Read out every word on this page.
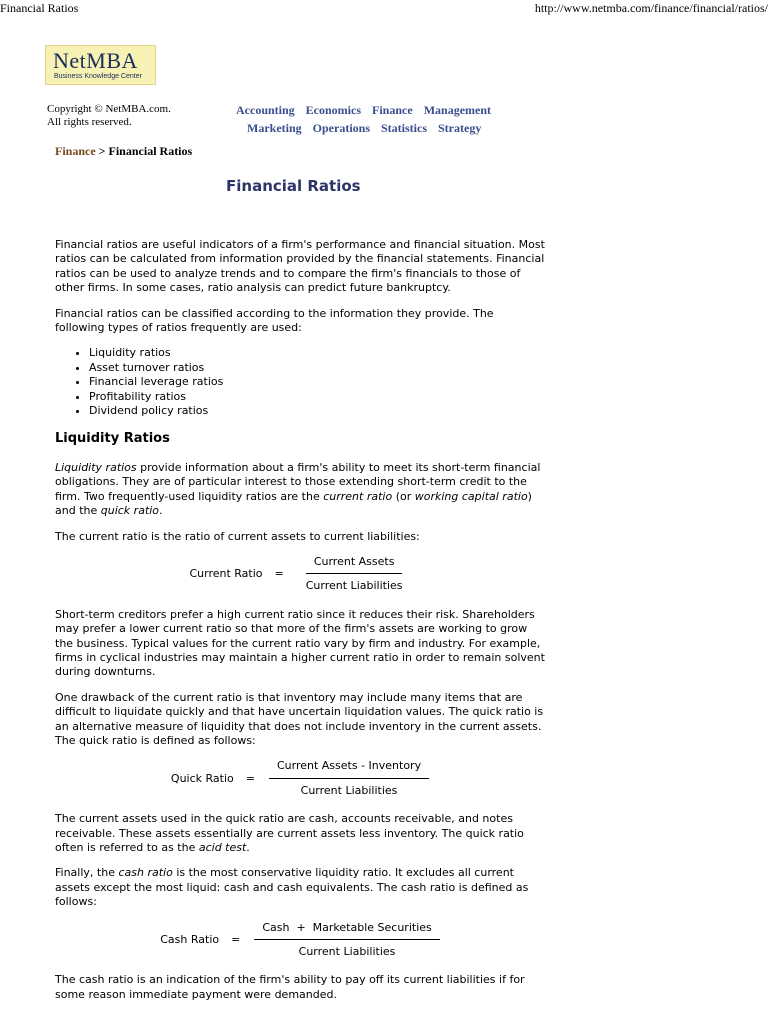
Financial Ratios	http://www.netmba.com/finance/financial/ratios/
NetMBA
Business Knowledge Center
Copyright © NetMBA.com.
All rights reserved.
Accounting Economics Finance Management
Marketing Operations Statistics Strategy
Finance > Financial Ratios
Financial Ratios

Financial ratios are useful indicators of a firm's performance and financial situation. Most ratios can be calculated from information provided by the financial statements. Financial ratios can be used to analyze trends and to compare the firm's financials to those of other firms. In some cases, ratio analysis can predict future bankruptcy.

Financial ratios can be classified according to the information they provide. The following types of ratios frequently are used:

• Liquidity ratios
• Asset turnover ratios
• Financial leverage ratios
• Profitability ratios
• Dividend policy ratios
Liquidity Ratios

Liquidity ratios provide information about a firm's ability to meet its short-term financial obligations. They are of particular interest to those extending short-term credit to the firm. Two frequently-used liquidity ratios are the current ratio (or working capital ratio) and the quick ratio.

The current ratio is the ratio of current assets to current liabilities:

Current Ratio = $\frac{\text{Current Assets}}{\text{Current Liabilities}}$

Short-term creditors prefer a high current ratio since it reduces their risk. Shareholders may prefer a lower current ratio so that more of the firm's assets are working to grow the business. Typical values for the current ratio vary by firm and industry. For example, firms in cyclical industries may maintain a higher current ratio in order to remain solvent during downturns.

One drawback of the current ratio is that inventory may include many items that are difficult to liquidate quickly and that have uncertain liquidation values. The quick ratio is an alternative measure of liquidity that does not include inventory in the current assets. The quick ratio is defined as follows:

Quick Ratio = $\frac{\text{Current Assets - Inventory}}{\text{Current Liabilities}}$

The current assets used in the quick ratio are cash, accounts receivable, and notes receivable. These assets essentially are current assets less inventory. The quick ratio often is referred to as the acid test.

Finally, the cash ratio is the most conservative liquidity ratio. It excludes all current assets except the most liquid: cash and cash equivalents. The cash ratio is defined as follows:

Cash Ratio = $\frac{\text{Cash  +  Marketable Securities}}{\text{Current Liabilities}}$

The cash ratio is an indication of the firm's ability to pay off its current liabilities if for some reason immediate payment were demanded.
